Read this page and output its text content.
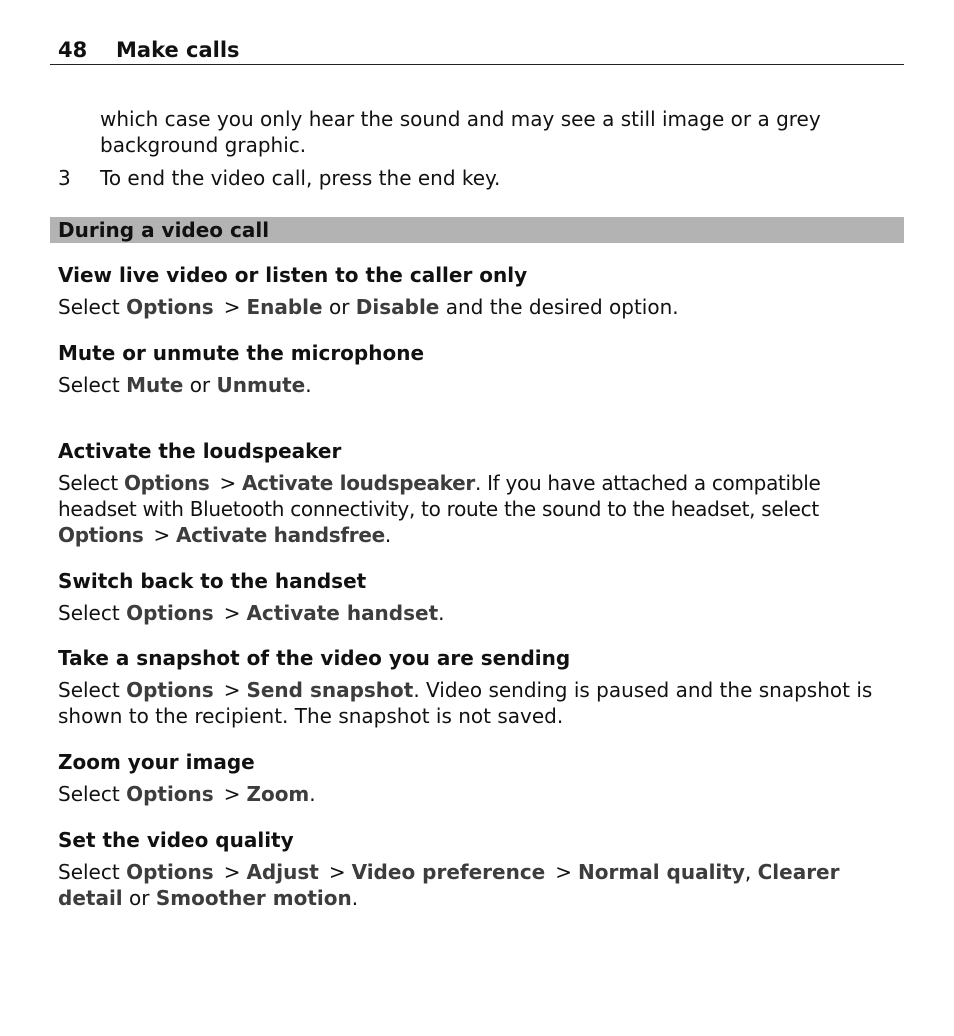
48 Make calls
which case you only hear the sound and may see a still image or a grey background graphic.
3 To end the video call, press the end key.
During a video call
View live video or listen to the caller only

Select Options > Enable or Disable and the desired option.

Mute or unmute the microphone

Select Mute or Unmute.

Activate the loudspeaker

Select Options > Activate loudspeaker. If you have attached a compatible headset with Bluetooth connectivity, to route the sound to the headset, select Options > Activate handsfree.

Switch back to the handset

Select Options > Activate handset.

Take a snapshot of the video you are sending

Select Options > Send snapshot. Video sending is paused and the snapshot is shown to the recipient. The snapshot is not saved.

Zoom your image

Select Options > Zoom.

Set the video quality

Select Options > Adjust > Video preference > Normal quality, Clearer detail or Smoother motion.
